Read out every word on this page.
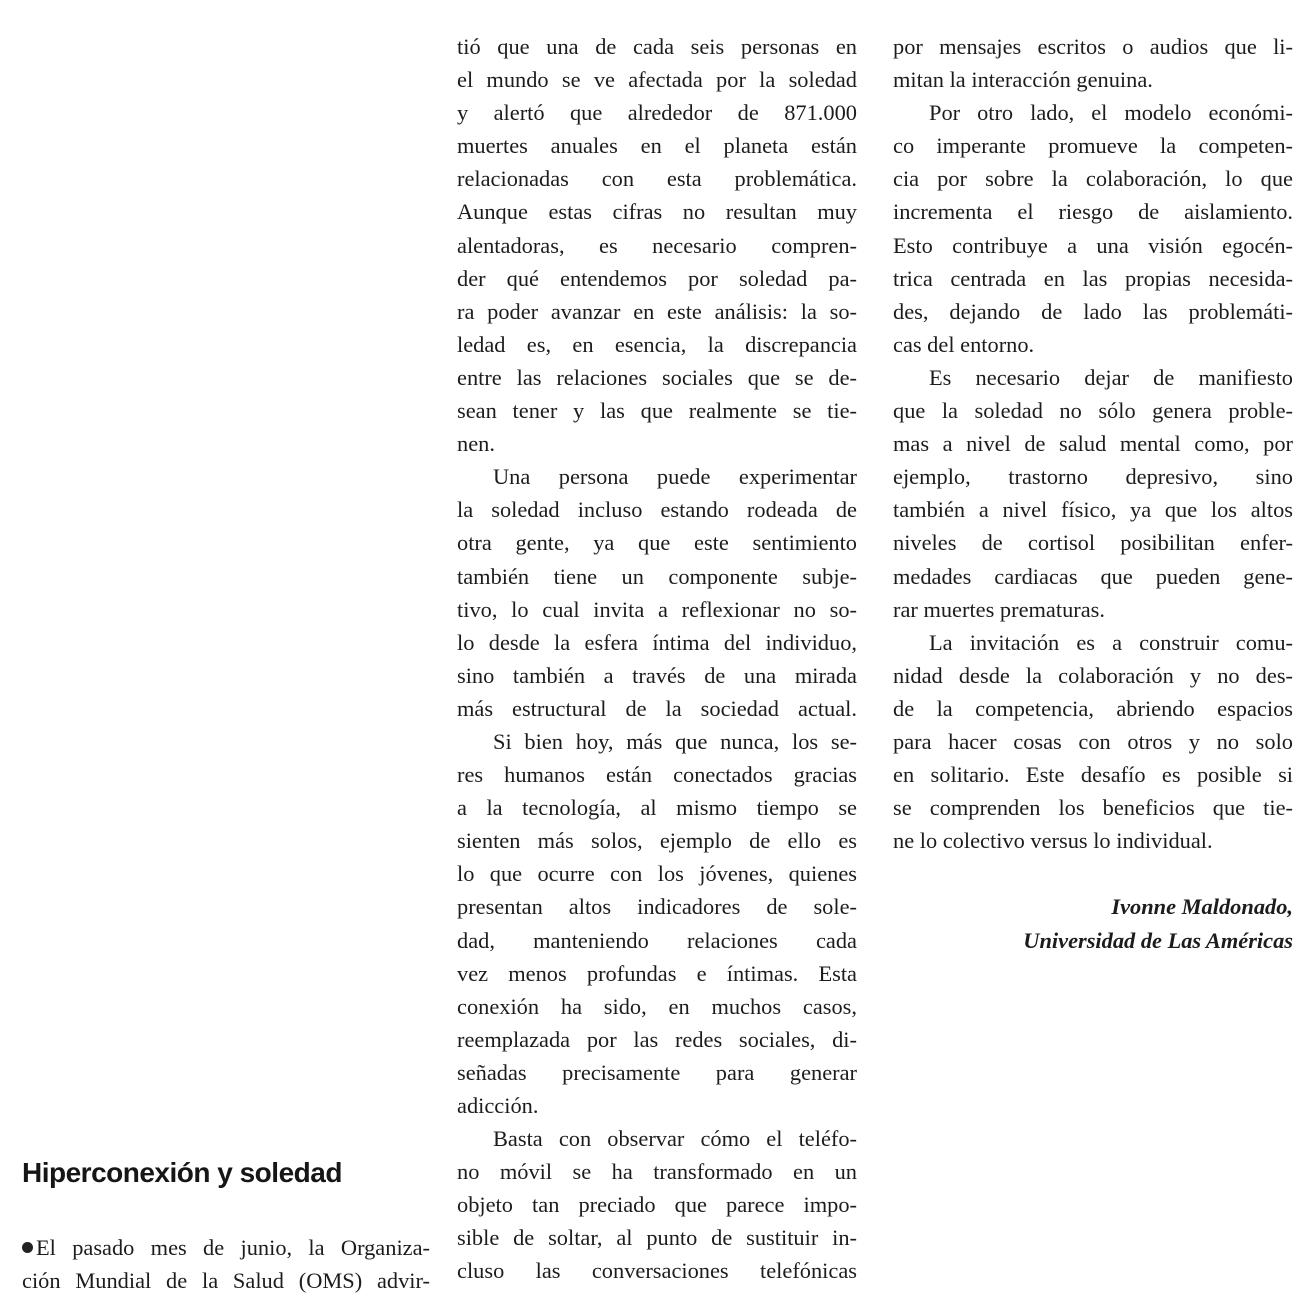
Hiperconexión y soledad
El pasado mes de junio, la Organiza-
ción Mundial de la Salud (OMS) advir-
tió que una de cada seis personas en
el mundo se ve afectada por la soledad
y alertó que alrededor de 871.000
muertes anuales en el planeta están
relacionadas con esta problemática.
Aunque estas cifras no resultan muy
alentadoras, es necesario compren-
der qué entendemos por soledad pa-
ra poder avanzar en este análisis: la so-
ledad es, en esencia, la discrepancia
entre las relaciones sociales que se de-
sean tener y las que realmente se tie-
nen.
Una persona puede experimentar
la soledad incluso estando rodeada de
otra gente, ya que este sentimiento
también tiene un componente subje-
tivo, lo cual invita a reflexionar no so-
lo desde la esfera íntima del individuo,
sino también a través de una mirada
más estructural de la sociedad actual.
Si bien hoy, más que nunca, los se-
res humanos están conectados gracias
a la tecnología, al mismo tiempo se
sienten más solos, ejemplo de ello es
lo que ocurre con los jóvenes, quienes
presentan altos indicadores de sole-
dad, manteniendo relaciones cada
vez menos profundas e íntimas. Esta
conexión ha sido, en muchos casos,
reemplazada por las redes sociales, di-
señadas precisamente para generar
adicción.
Basta con observar cómo el teléfo-
no móvil se ha transformado en un
objeto tan preciado que parece impo-
sible de soltar, al punto de sustituir in-
cluso las conversaciones telefónicas
por mensajes escritos o audios que li-
mitan la interacción genuina.
Por otro lado, el modelo económi-
co imperante promueve la competen-
cia por sobre la colaboración, lo que
incrementa el riesgo de aislamiento.
Esto contribuye a una visión egocén-
trica centrada en las propias necesida-
des, dejando de lado las problemáti-
cas del entorno.
Es necesario dejar de manifiesto
que la soledad no sólo genera proble-
mas a nivel de salud mental como, por
ejemplo, trastorno depresivo, sino
también a nivel físico, ya que los altos
niveles de cortisol posibilitan enfer-
medades cardiacas que pueden gene-
rar muertes prematuras.
La invitación es a construir comu-
nidad desde la colaboración y no des-
de la competencia, abriendo espacios
para hacer cosas con otros y no solo
en solitario. Este desafío es posible si
se comprenden los beneficios que tie-
ne lo colectivo versus lo individual.
Ivonne Maldonado,
Universidad de Las Américas
